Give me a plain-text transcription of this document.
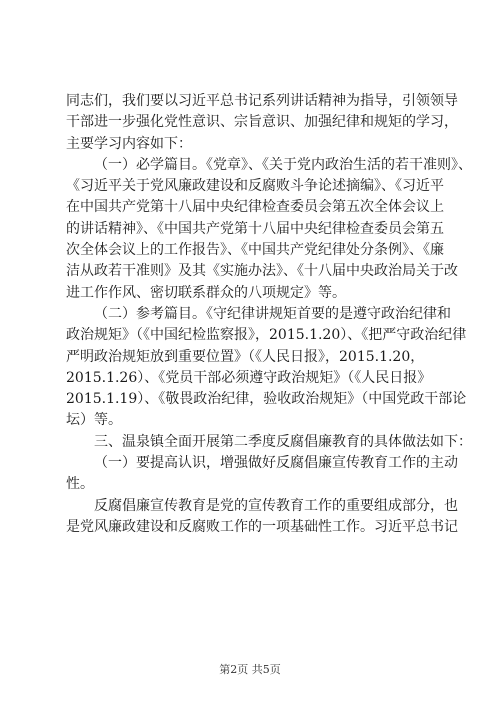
同志们，我们要以习近平总书记系列讲话精神为指导，引领领导
干部进一步强化党性意识、宗旨意识、加强纪律和规矩的学习，
主要学习内容如下：
（一）必学篇目。《党章》、《关于党内政治生活的若干准则》、
《习近平关于党风廉政建设和反腐败斗争论述摘编》、《习近平
在中国共产党第十八届中央纪律检查委员会第五次全体会议上
的讲话精神》、《中国共产党第十八届中央纪律检查委员会第五
次全体会议上的工作报告》、《中国共产党纪律处分条例》、《廉
洁从政若干准则》及其《实施办法》、《十八届中央政治局关于改
进工作作风、密切联系群众的八项规定》等。
（二）参考篇目。《守纪律讲规矩首要的是遵守政治纪律和
政治规矩》（《中国纪检监察报》，2015.1.20）、《把严守政治纪律
严明政治规矩放到重要位置》（《人民日报》，2015.1.20，
2015.1.26）、《党员干部必须遵守政治规矩》（《人民日报》
2015.1.19）、《敬畏政治纪律，验收政治规矩》（中国党政干部论
坛）等。
三、温泉镇全面开展第二季度反腐倡廉教育的具体做法如下：
（一）要提高认识，增强做好反腐倡廉宣传教育工作的主动
性。
反腐倡廉宣传教育是党的宣传教育工作的重要组成部分，也
是党风廉政建设和反腐败工作的一项基础性工作。习近平总书记
第2页 共5页
